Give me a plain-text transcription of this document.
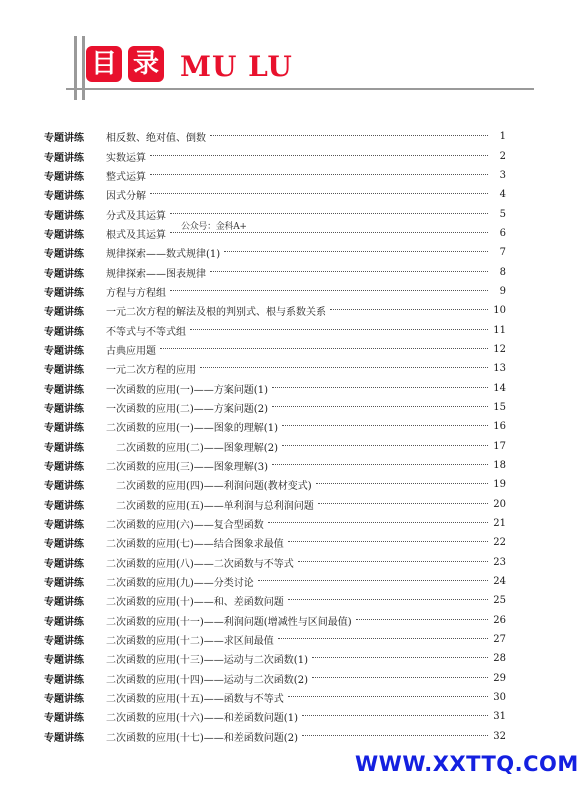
目 录 MU LU
专题讲练	相反数、绝对值、倒数	1
专题讲练	实数运算	2
专题讲练	整式运算	3
专题讲练	因式分解	4
专题讲练	分式及其运算	5
专题讲练	根式及其运算	6
专题讲练	规律探索——数式规律(1)	7
专题讲练	规律探索——图表规律	8
专题讲练	方程与方程组	9
专题讲练	一元二次方程的解法及根的判别式、根与系数关系	10
专题讲练	不等式与不等式组	11
专题讲练	古典应用题	12
专题讲练	一元二次方程的应用	13
专题讲练	一次函数的应用(一)——方案问题(1)	14
专题讲练	一次函数的应用(二)——方案问题(2)	15
专题讲练	二次函数的应用(一)——图象的理解(1)	16
专题讲练	二次函数的应用(二)——图象理解(2)	17
专题讲练	二次函数的应用(三)——图象理解(3)	18
专题讲练	二次函数的应用(四)——利润问题(教材变式)	19
专题讲练	二次函数的应用(五)——单利润与总利润问题	20
专题讲练	二次函数的应用(六)——复合型函数	21
专题讲练	二次函数的应用(七)——结合图象求最值	22
专题讲练	二次函数的应用(八)——二次函数与不等式	23
专题讲练	二次函数的应用(九)——分类讨论	24
专题讲练	二次函数的应用(十)——和、差函数问题	25
专题讲练	二次函数的应用(十一)——利润问题(增减性与区间最值)	26
专题讲练	二次函数的应用(十二)——求区间最值	27
专题讲练	二次函数的应用(十三)——运动与二次函数(1)	28
专题讲练	二次函数的应用(十四)——运动与二次函数(2)	29
专题讲练	二次函数的应用(十五)——函数与不等式	30
专题讲练	二次函数的应用(十六)——和差函数问题(1)	31
专题讲练	二次函数的应用(十七)——和差函数问题(2)	32
公众号：金科A+
WWW.XXTTQ.COM
